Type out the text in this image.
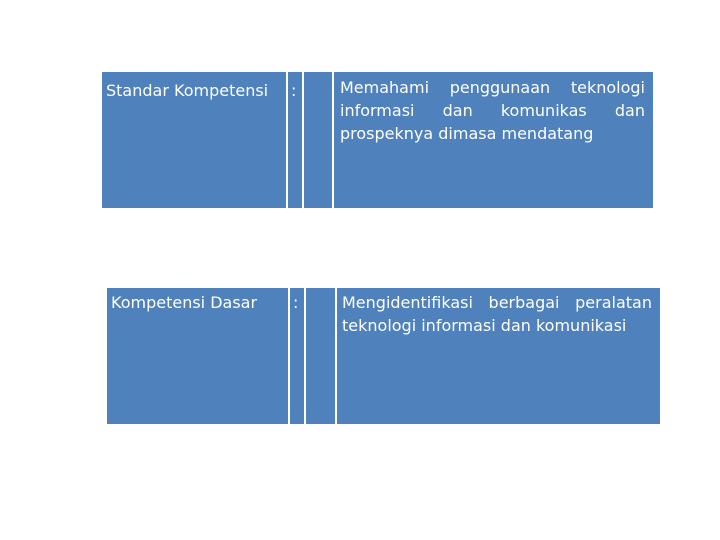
Standar Kompetensi	:	Memahami penggunaan teknologi informasi dan komunikas dan prospeknya dimasa mendatang
Kompetensi Dasar	:	Mengidentifikasi berbagai peralatan teknologi informasi dan komunikasi
